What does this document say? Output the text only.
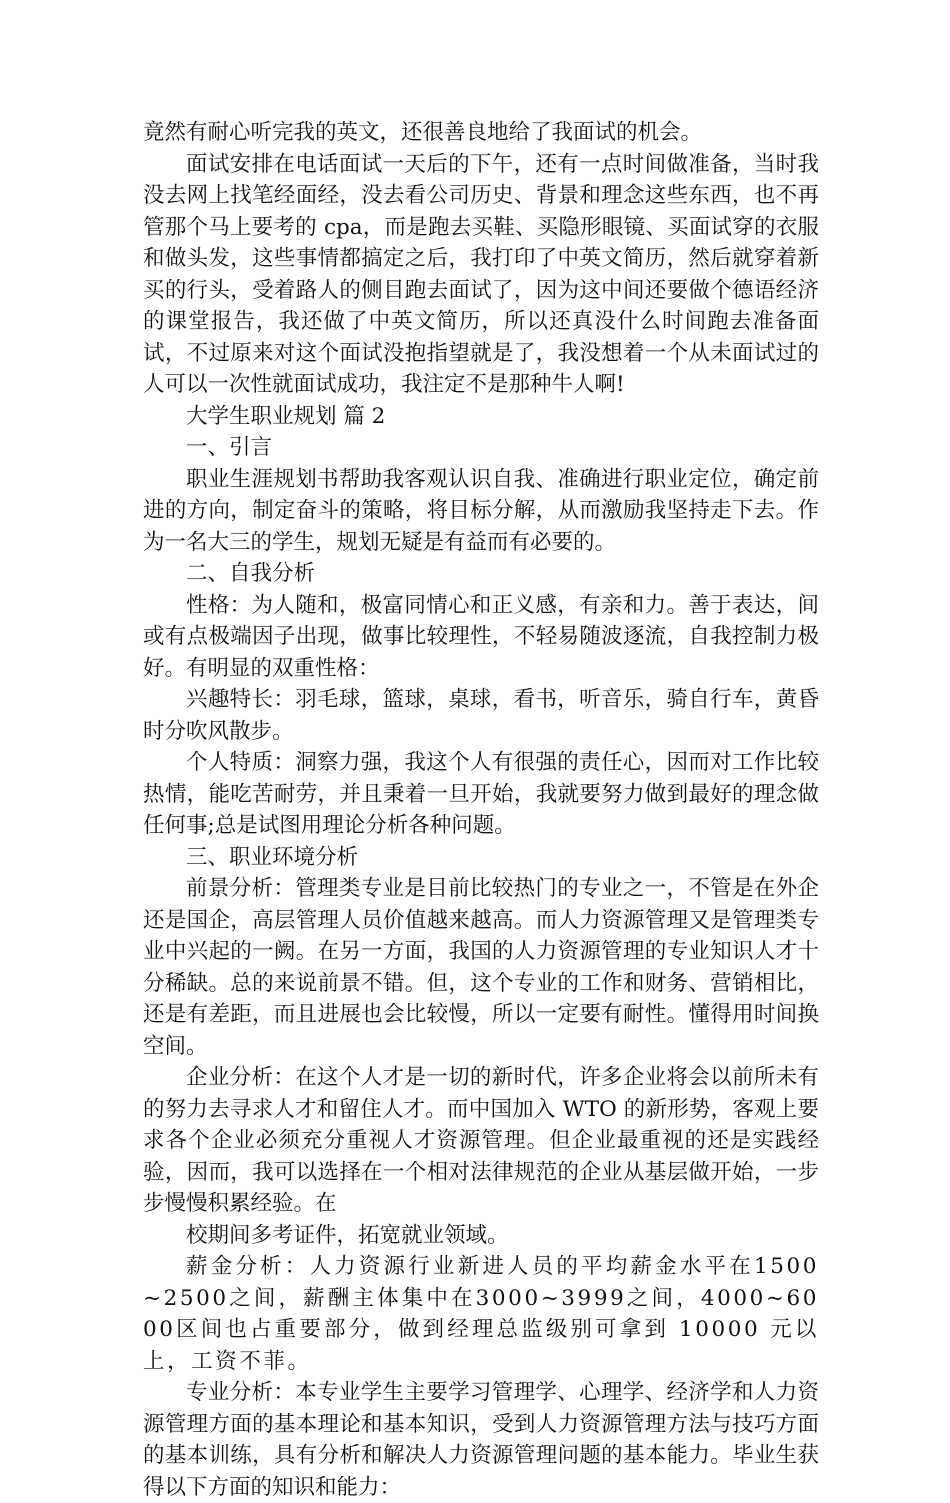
竟然有耐心听完我的英文，还很善良地给了我面试的机会。

面试安排在电话面试一天后的下午，还有一点时间做准备，当时我没去网上找笔经面经，没去看公司历史、背景和理念这些东西，也不再管那个马上要考的 cpa，而是跑去买鞋、买隐形眼镜、买面试穿的衣服和做头发，这些事情都搞定之后，我打印了中英文简历，然后就穿着新买的行头，受着路人的侧目跑去面试了，因为这中间还要做个德语经济的课堂报告，我还做了中英文简历，所以还真没什么时间跑去准备面试，不过原来对这个面试没抱指望就是了，我没想着一个从未面试过的人可以一次性就面试成功，我注定不是那种牛人啊!

大学生职业规划 篇 2

一、引言

职业生涯规划书帮助我客观认识自我、准确进行职业定位，确定前进的方向，制定奋斗的策略，将目标分解，从而激励我坚持走下去。作为一名大三的学生，规划无疑是有益而有必要的。

二、自我分析

性格：为人随和，极富同情心和正义感，有亲和力。善于表达，间或有点极端因子出现，做事比较理性，不轻易随波逐流，自我控制力极好。有明显的双重性格：

兴趣特长：羽毛球，篮球，桌球，看书，听音乐，骑自行车，黄昏时分吹风散步。

个人特质：洞察力强，我这个人有很强的责任心，因而对工作比较热情，能吃苦耐劳，并且秉着一旦开始，我就要努力做到最好的理念做任何事;总是试图用理论分析各种问题。

三、职业环境分析

前景分析：管理类专业是目前比较热门的专业之一，不管是在外企还是国企，高层管理人员价值越来越高。而人力资源管理又是管理类专业中兴起的一阙。在另一方面，我国的人力资源管理的专业知识人才十分稀缺。总的来说前景不错。但，这个专业的工作和财务、营销相比，还是有差距，而且进展也会比较慢，所以一定要有耐性。懂得用时间换空间。

企业分析：在这个人才是一切的新时代，许多企业将会以前所未有的努力去寻求人才和留住人才。而中国加入 WTO 的新形势，客观上要求各个企业必须充分重视人才资源管理。但企业最重视的还是实践经验，因而，我可以选择在一个相对法律规范的企业从基层做开始，一步步慢慢积累经验。在

校期间多考证件，拓宽就业领域。

薪金分析：人力资源行业新进人员的平均薪金水平在1500~2500之间，薪酬主体集中在3000~3999之间，4000~6000区间也占重要部分，做到经理总监级别可拿到 10000 元以上，工资不菲。

专业分析：本专业学生主要学习管理学、心理学、经济学和人力资源管理方面的基本理论和基本知识，受到人力资源管理方法与技巧方面的基本训练，具有分析和解决人力资源管理问题的基本能力。毕业生获得以下方面的知识和能力：
